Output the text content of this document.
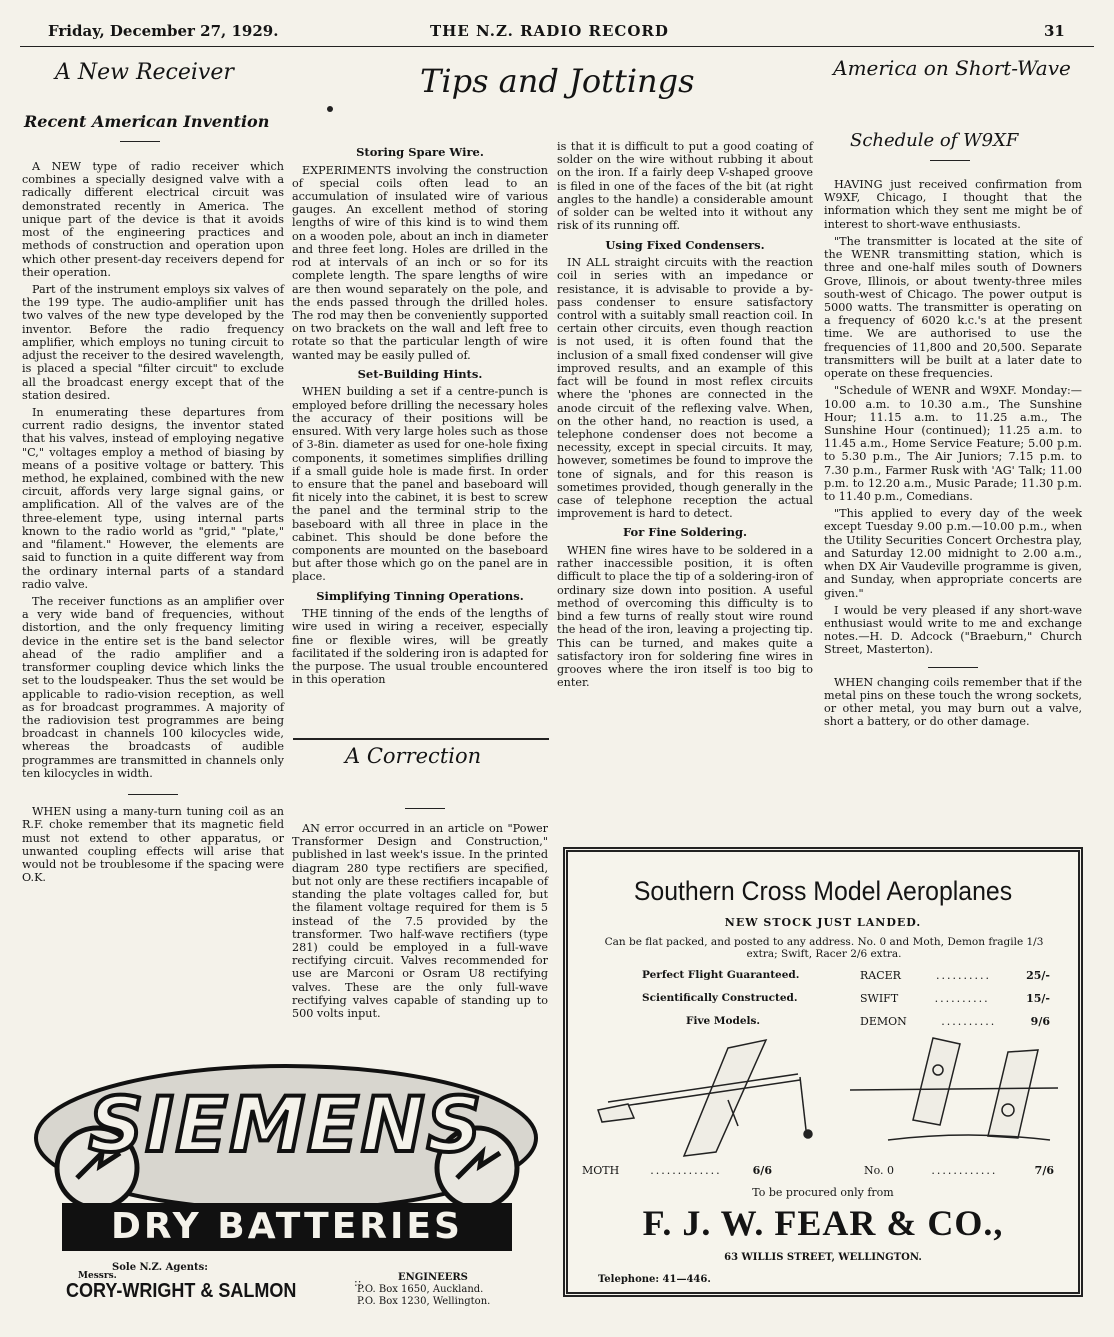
Friday, December 27, 1929.	THE N.Z. RADIO RECORD	31
A New Receiver
Recent American Invention

A NEW type of radio receiver which combines a specially designed valve with a radically different electrical circuit was demonstrated recently in America. The unique part of the device is that it avoids most of the engineering practices and methods of construction and operation upon which other present-day receivers depend for their operation.

Part of the instrument employs six valves of the 199 type. The audio-amplifier unit has two valves of the new type developed by the inventor. Before the radio frequency amplifier, which employs no tuning circuit to adjust the receiver to the desired wavelength, is placed a special "filter circuit" to exclude all the broadcast energy except that of the station desired.

In enumerating these departures from current radio designs, the inventor stated that his valves, instead of employing negative "C," voltages employ a method of biasing by means of a positive voltage or battery. This method, he explained, combined with the new circuit, affords very large signal gains, or amplification. All of the valves are of the three-element type, using internal parts known to the radio world as "grid," "plate," and "filament." However, the elements are said to function in a quite different way from the ordinary internal parts of a standard radio valve.

The receiver functions as an amplifier over a very wide band of frequencies, without distortion, and the only frequency limiting device in the entire set is the band selector ahead of the radio amplifier and a transformer coupling device which links the set to the loudspeaker. Thus the set would be applicable to radio-vision reception, as well as for broadcast programmes. A majority of the radiovision test programmes are being broadcast in channels 100 kilocycles wide, whereas the broadcasts of audible programmes are transmitted in channels only ten kilocycles in width.

WHEN using a many-turn tuning coil as an R.F. choke remember that its magnetic field must not extend to other apparatus, or unwanted coupling effects will arise that would not be troublesome if the spacing were O.K.

Tips and Jottings
Storing Spare Wire.

EXPERIMENTS involving the construction of special coils often lead to an accumulation of insulated wire of various gauges. An excellent method of storing lengths of wire of this kind is to wind them on a wooden pole, about an inch in diameter and three feet long. Holes are drilled in the rod at intervals of an inch or so for its complete length. The spare lengths of wire are then wound separately on the pole, and the ends passed through the drilled holes. The rod may then be conveniently supported on two brackets on the wall and left free to rotate so that the particular length of wire wanted may be easily pulled of.

Set-Building Hints.

WHEN building a set if a centre-punch is employed before drilling the necessary holes the accuracy of their positions will be ensured. With very large holes such as those of 3-8in. diameter as used for one-hole fixing components, it sometimes simplifies drilling if a small guide hole is made first. In order to ensure that the panel and baseboard will fit nicely into the cabinet, it is best to screw the panel and the terminal strip to the baseboard with all three in place in the cabinet. This should be done before the components are mounted on the baseboard but after those which go on the panel are in place.

Simplifying Tinning Operations.

THE tinning of the ends of the lengths of wire used in wiring a receiver, especially fine or flexible wires, will be greatly facilitated if the soldering iron is adapted for the purpose. The usual trouble encountered in this operation

A Correction

AN error occurred in an article on "Power Transformer Design and Construction," published in last week's issue. In the printed diagram 280 type rectifiers are specified, but not only are these rectifiers incapable of standing the plate voltages called for, but the filament voltage required for them is 5 instead of the 7.5 provided by the transformer. Two half-wave rectifiers (type 281) could be employed in a full-wave rectifying circuit. Valves recommended for use are Marconi or Osram U8 rectifying valves. These are the only full-wave rectifying valves capable of standing up to 500 volts input.

is that it is difficult to put a good coating of solder on the wire without rubbing it about on the iron. If a fairly deep V-shaped groove is filed in one of the faces of the bit (at right angles to the handle) a considerable amount of solder can be welted into it without any risk of its running off.

Using Fixed Condensers.

IN ALL straight circuits with the reaction coil in series with an impedance or resistance, it is advisable to provide a by-pass condenser to ensure satisfactory control with a suitably small reaction coil. In certain other circuits, even though reaction is not used, it is often found that the inclusion of a small fixed condenser will give improved results, and an example of this fact will be found in most reflex circuits where the 'phones are connected in the anode circuit of the reflexing valve. When, on the other hand, no reaction is used, a telephone condenser does not become a necessity, except in special circuits. It may, however, sometimes be found to improve the tone of signals, and for this reason is sometimes provided, though generally in the case of telephone reception the actual improvement is hard to detect.

For Fine Soldering.

WHEN fine wires have to be soldered in a rather inaccessible position, it is often difficult to place the tip of a soldering-iron of ordinary size down into position. A useful method of overcoming this difficulty is to bind a few turns of really stout wire round the head of the iron, leaving a projecting tip. This can be turned, and makes quite a satisfactory iron for soldering fine wires in grooves where the iron itself is too big to enter.

America on Short-Wave
Schedule of W9XF

HAVING just received confirmation from W9XF, Chicago, I thought that the information which they sent me might be of interest to short-wave enthusiasts.

"The transmitter is located at the site of the WENR transmitting station, which is three and one-half miles south of Downers Grove, Illinois, or about twenty-three miles south-west of Chicago. The power output is 5000 watts. The transmitter is operating on a frequency of 6020 k.c.'s at the present time. We are authorised to use the frequencies of 11,800 and 20,500. Separate transmitters will be built at a later date to operate on these frequencies.

"Schedule of WENR and W9XF. Monday:—10.00 a.m. to 10.30 a.m., The Sunshine Hour; 11.15 a.m. to 11.25 a.m., The Sunshine Hour (continued); 11.25 a.m. to 11.45 a.m., Home Service Feature; 5.00 p.m. to 5.30 p.m., The Air Juniors; 7.15 p.m. to 7.30 p.m., Farmer Rusk with 'AG' Talk; 11.00 p.m. to 12.20 a.m., Music Parade; 11.30 p.m. to 11.40 p.m., Comedians.

"This applied to every day of the week except Tuesday 9.00 p.m.—10.00 p.m., when the Utility Securities Concert Orchestra play, and Saturday 12.00 midnight to 2.00 a.m., when DX Air Vaudeville programme is given, and Sunday, when appropriate concerts are given."

I would be very pleased if any short-wave enthusiast would write to me and exchange notes.—H. D. Adcock ("Braeburn," Church Street, Masterton).

WHEN changing coils remember that if the metal pins on these touch the wrong sockets, or other metal, you may burn out a valve, short a battery, or do other damage.

SIEMENS
DRY BATTERIES
Sole N.Z. Agents:
Messrs.
CORY-WRIGHT & SALMON	::	ENGINEERS
P.O. Box 1650, Auckland.
P.O. Box 1230, Wellington.
Southern Cross Model Aeroplanes
NEW STOCK JUST LANDED.
Can be flat packed, and posted to any address. No. 0 and Moth, Demon fragile 1/3 extra; Swift, Racer 2/6 extra.
Perfect Flight Guaranteed.
Scientifically Constructed.
Five Models.
RACER	..........	25/-
SWIFT	..........	15/-
DEMON	..........	9/6
MOTH	.............	6/6	No. 0	............	7/6
To be procured only from
F. J. W. FEAR & CO.,
63 WILLIS STREET, WELLINGTON.
Telephone: 41—446.
